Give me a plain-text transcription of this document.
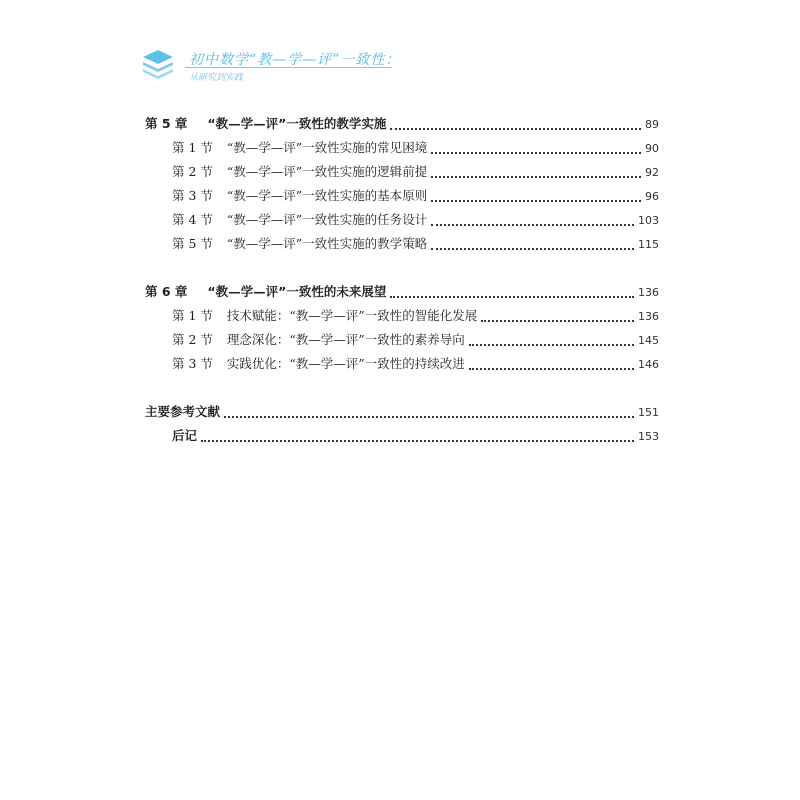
初中数学“教—学—评”一致性：
从研究到实践
第 5 章 “教—学—评”一致性的教学实施	89
第 1 节 “教—学—评”一致性实施的常见困境	90
第 2 节 “教—学—评”一致性实施的逻辑前提	92
第 3 节 “教—学—评”一致性实施的基本原则	96
第 4 节 “教—学—评”一致性实施的任务设计	103
第 5 节 “教—学—评”一致性实施的教学策略	115
第 6 章 “教—学—评”一致性的未来展望	136
第 1 节 技术赋能：“教—学—评”一致性的智能化发展	136
第 2 节 理念深化：“教—学—评”一致性的素养导向	145
第 3 节 实践优化：“教—学—评”一致性的持续改进	146
主要参考文献	151
后记	153
